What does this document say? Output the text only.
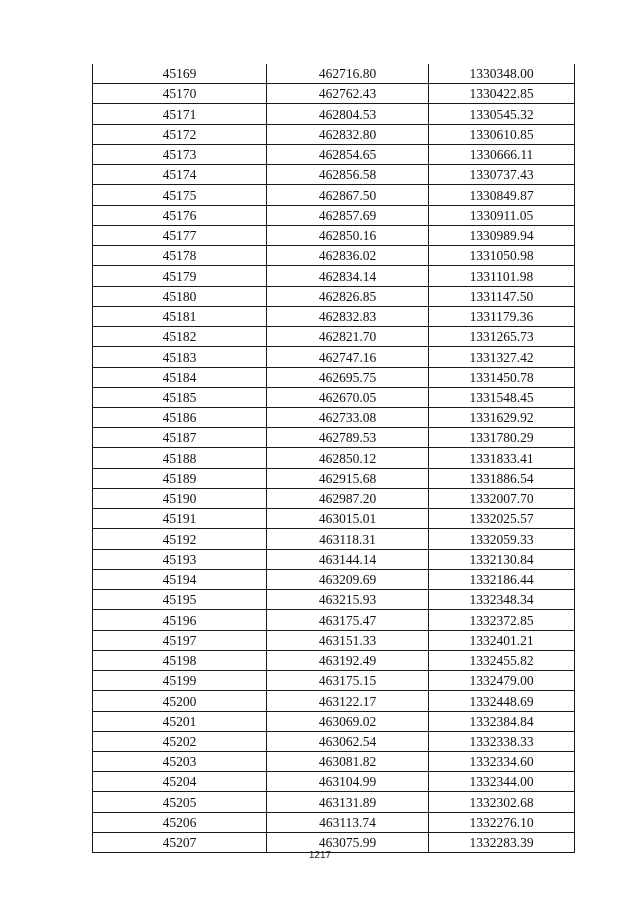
45169	462716.80	1330348.00
45170	462762.43	1330422.85
45171	462804.53	1330545.32
45172	462832.80	1330610.85
45173	462854.65	1330666.11
45174	462856.58	1330737.43
45175	462867.50	1330849.87
45176	462857.69	1330911.05
45177	462850.16	1330989.94
45178	462836.02	1331050.98
45179	462834.14	1331101.98
45180	462826.85	1331147.50
45181	462832.83	1331179.36
45182	462821.70	1331265.73
45183	462747.16	1331327.42
45184	462695.75	1331450.78
45185	462670.05	1331548.45
45186	462733.08	1331629.92
45187	462789.53	1331780.29
45188	462850.12	1331833.41
45189	462915.68	1331886.54
45190	462987.20	1332007.70
45191	463015.01	1332025.57
45192	463118.31	1332059.33
45193	463144.14	1332130.84
45194	463209.69	1332186.44
45195	463215.93	1332348.34
45196	463175.47	1332372.85
45197	463151.33	1332401.21
45198	463192.49	1332455.82
45199	463175.15	1332479.00
45200	463122.17	1332448.69
45201	463069.02	1332384.84
45202	463062.54	1332338.33
45203	463081.82	1332334.60
45204	463104.99	1332344.00
45205	463131.89	1332302.68
45206	463113.74	1332276.10
45207	463075.99	1332283.39
1217
